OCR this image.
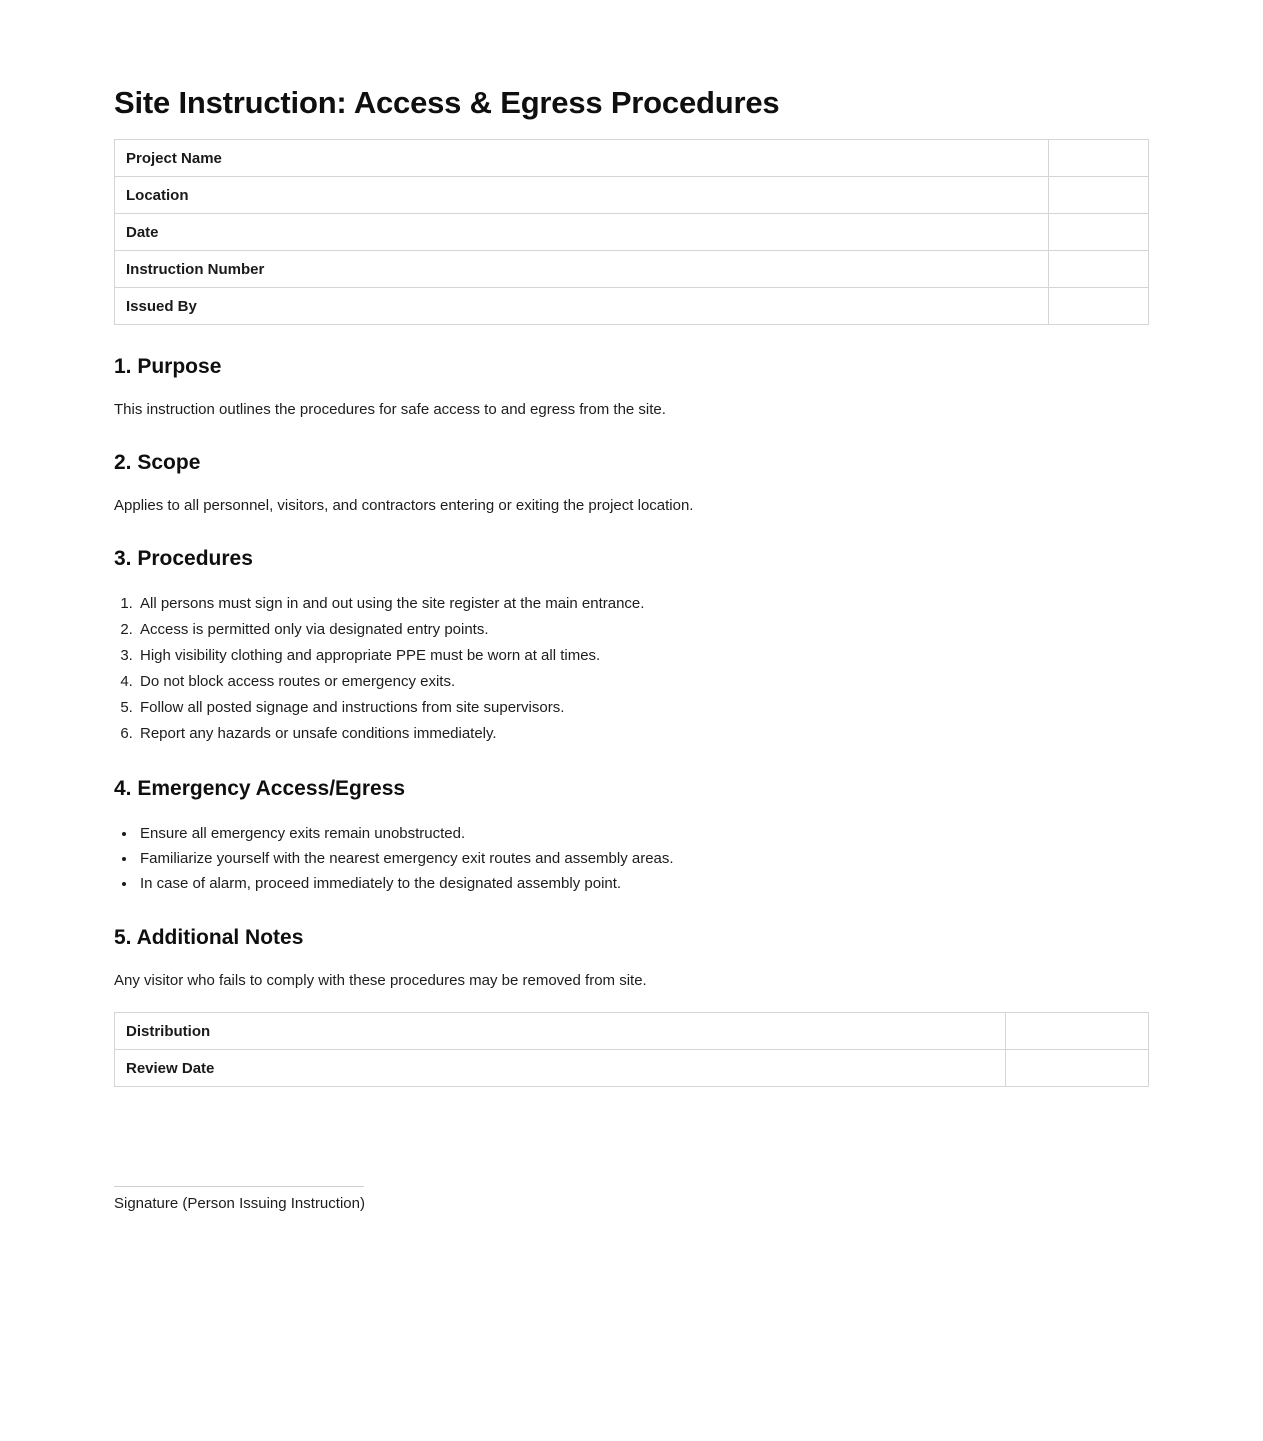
Site Instruction: Access & Egress Procedures
Project Name	
Location	
Date	
Instruction Number	
Issued By	
1. Purpose

This instruction outlines the procedures for safe access to and egress from the site.

2. Scope

Applies to all personnel, visitors, and contractors entering or exiting the project location.

3. Procedures
1. All persons must sign in and out using the site register at the main entrance.
2. Access is permitted only via designated entry points.
3. High visibility clothing and appropriate PPE must be worn at all times.
4. Do not block access routes or emergency exits.
5. Follow all posted signage and instructions from site supervisors.
6. Report any hazards or unsafe conditions immediately.
4. Emergency Access/Egress
• Ensure all emergency exits remain unobstructed.
• Familiarize yourself with the nearest emergency exit routes and assembly areas.
• In case of alarm, proceed immediately to the designated assembly point.
5. Additional Notes

Any visitor who fails to comply with these procedures may be removed from site.

Distribution	
Review Date	
Signature (Person Issuing Instruction)
